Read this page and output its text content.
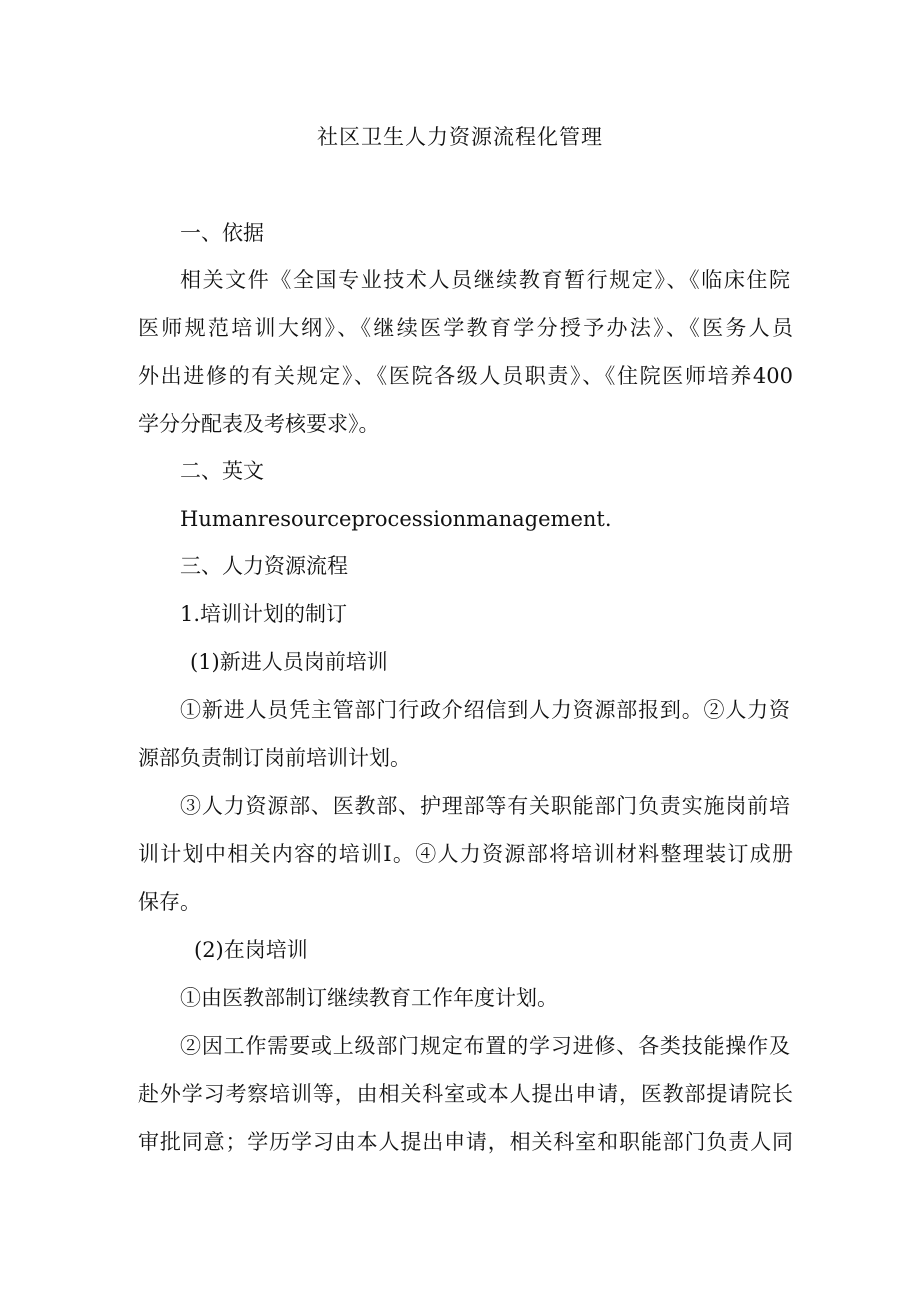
社区卫生人力资源流程化管理
一、依据
相关文件《全国专业技术人员继续教育暂行规定》、《临床住院
医师规范培训大纲》、《继续医学教育学分授予办法》、《医务人员
外出进修的有关规定》、《医院各级人员职责》、《住院医师培养400
学分分配表及考核要求》。
二、英文
Humanresourceprocessionmanagement.
三、人力资源流程
1.培训计划的制订
(1)新进人员岗前培训
①新进人员凭主管部门行政介绍信到人力资源部报到。②人力资
源部负责制订岗前培训计划。
③人力资源部、医教部、护理部等有关职能部门负责实施岗前培
训计划中相关内容的培训Ⅰ。④人力资源部将培训材料整理装订成册
保存。
(2)在岗培训
①由医教部制订继续教育工作年度计划。
②因工作需要或上级部门规定布置的学习进修、各类技能操作及
赴外学习考察培训等，由相关科室或本人提出申请，医教部提请院长
审批同意；学历学习由本人提出申请，相关科室和职能部门负责人同
